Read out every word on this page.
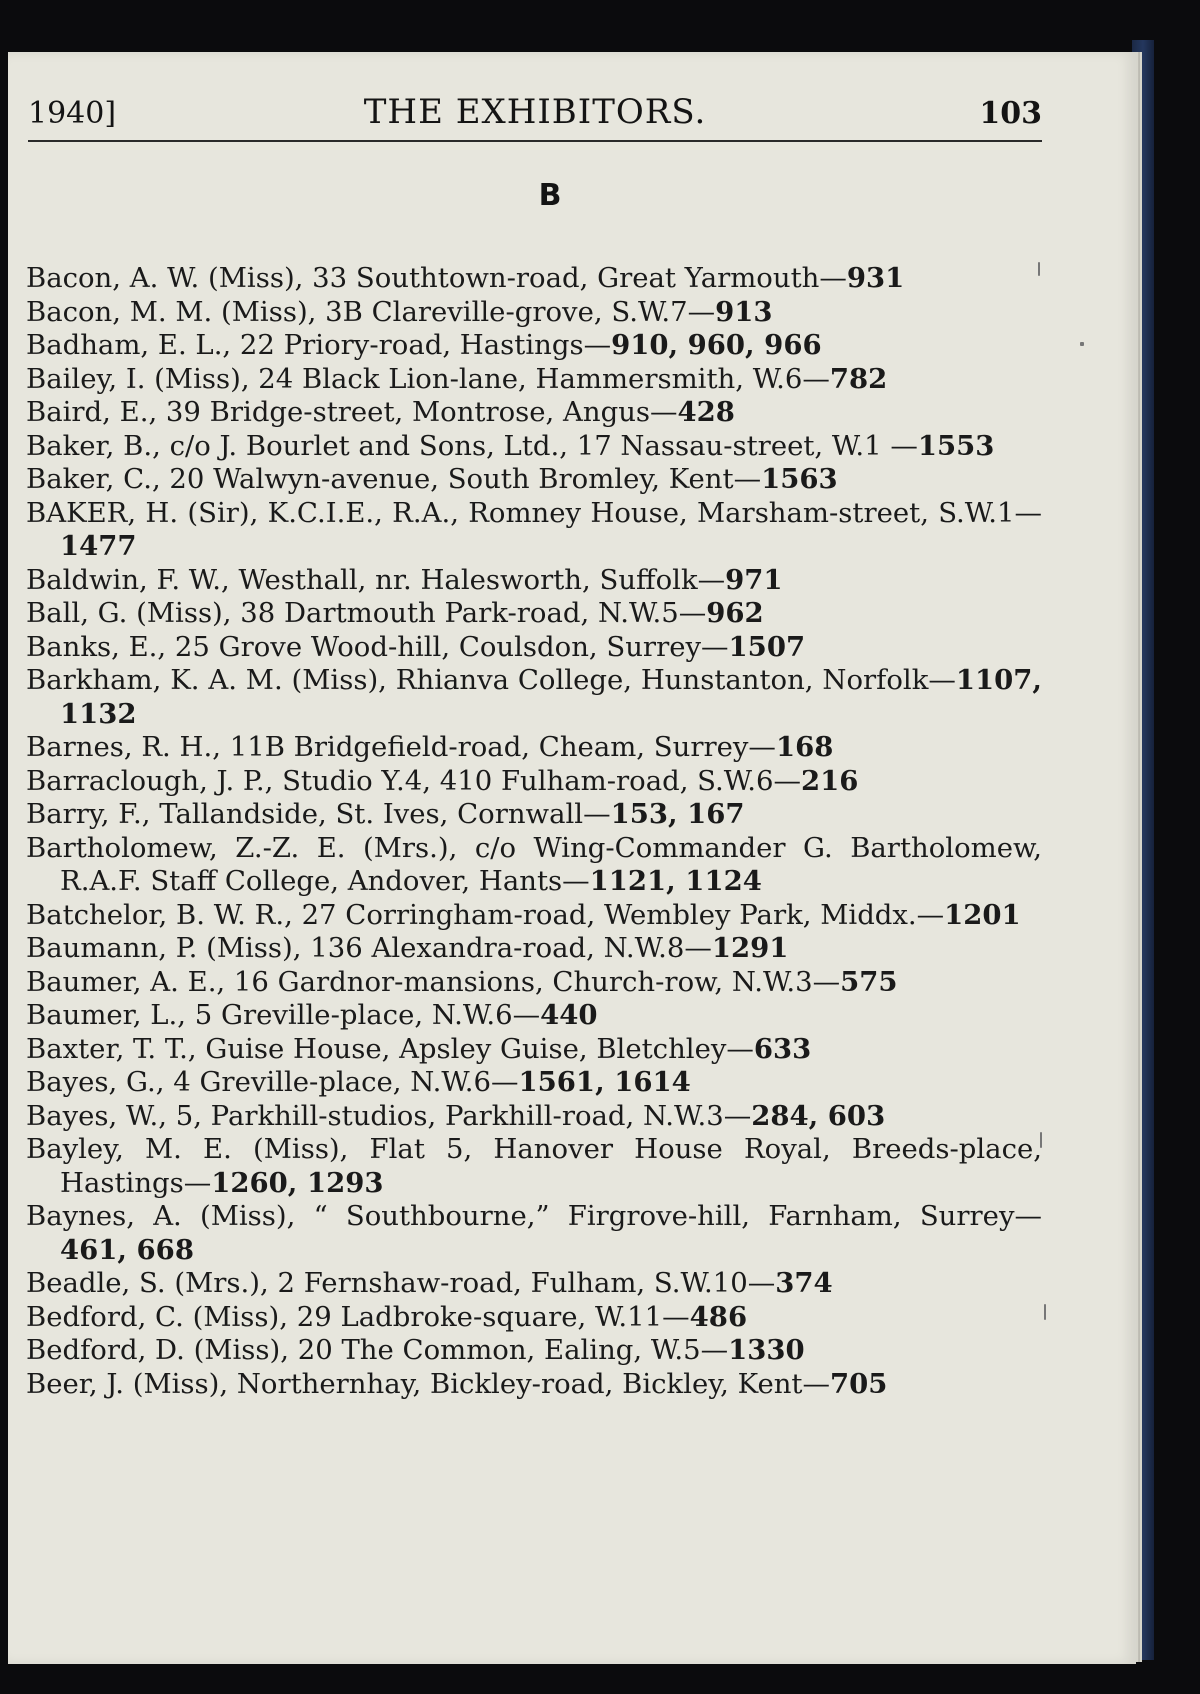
1940]	THE EXHIBITORS.	103
B

Bacon, A. W. (Miss), 33 Southtown-road, Great Yarmouth—931

Bacon, M. M. (Miss), 3B Clareville-grove, S.W.7—913

Badham, E. L., 22 Priory-road, Hastings—910, 960, 966

Bailey, I. (Miss), 24 Black Lion-lane, Hammersmith, W.6—782

Baird, E., 39 Bridge-street, Montrose, Angus—428

Baker, B., c/o J. Bourlet and Sons, Ltd., 17 Nassau-street, W.1 —1553

Baker, C., 20 Walwyn-avenue, South Bromley, Kent—1563

BAKER, H. (Sir), K.C.I.E., R.A., Romney House, Marsham-street, S.W.1—1477

Baldwin, F. W., Westhall, nr. Halesworth, Suffolk—971

Ball, G. (Miss), 38 Dartmouth Park-road, N.W.5—962

Banks, E., 25 Grove Wood-hill, Coulsdon, Surrey—1507

Barkham, K. A. M. (Miss), Rhianva College, Hunstanton, Norfolk—1107, 1132

Barnes, R. H., 11B Bridgefield-road, Cheam, Surrey—168

Barraclough, J. P., Studio Y.4, 410 Fulham-road, S.W.6—216

Barry, F., Tallandside, St. Ives, Cornwall—153, 167

Bartholomew, Z.-Z. E. (Mrs.), c/o Wing-Commander G. Bartholomew, R.A.F. Staff College, Andover, Hants—1121, 1124

Batchelor, B. W. R., 27 Corringham-road, Wembley Park, Middx.—1201

Baumann, P. (Miss), 136 Alexandra-road, N.W.8—1291

Baumer, A. E., 16 Gardnor-mansions, Church-row, N.W.3—575

Baumer, L., 5 Greville-place, N.W.6—440

Baxter, T. T., Guise House, Apsley Guise, Bletchley—633

Bayes, G., 4 Greville-place, N.W.6—1561, 1614

Bayes, W., 5, Parkhill-studios, Parkhill-road, N.W.3—284, 603

Bayley, M. E. (Miss), Flat 5, Hanover House Royal, Breeds-place, Hastings—1260, 1293

Baynes, A. (Miss), “ Southbourne,” Firgrove-hill, Farnham, Surrey—461, 668

Beadle, S. (Mrs.), 2 Fernshaw-road, Fulham, S.W.10—374

Bedford, C. (Miss), 29 Ladbroke-square, W.11—486

Bedford, D. (Miss), 20 The Common, Ealing, W.5—1330

Beer, J. (Miss), Northernhay, Bickley-road, Bickley, Kent—705
